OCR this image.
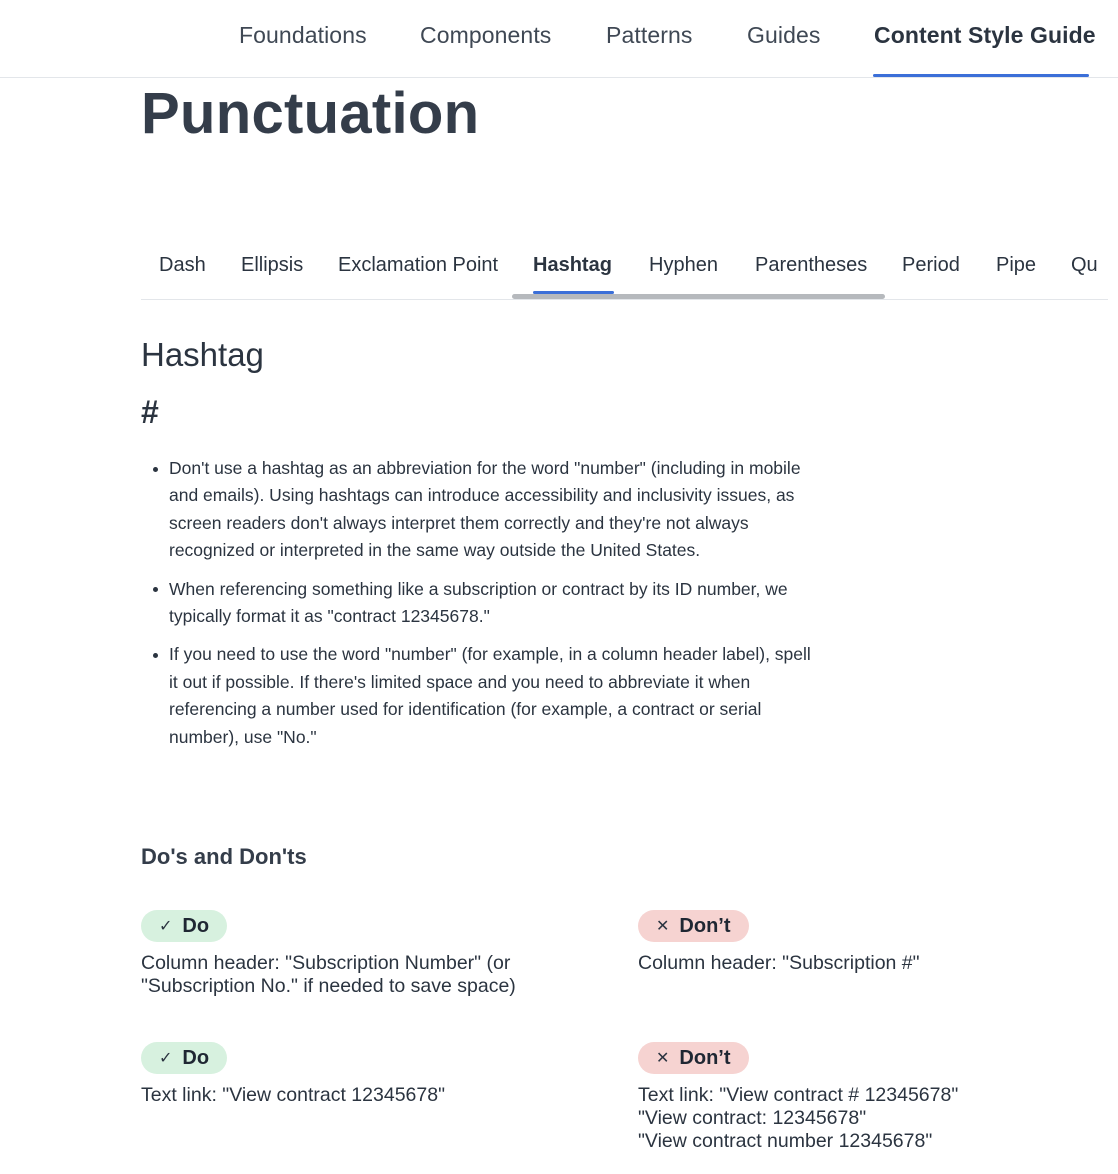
Foundations Components Patterns Guides Content Style Guide
Punctuation
Dash Ellipsis Exclamation Point Hashtag Hyphen Parentheses Period Pipe Qu
Hashtag
#
Don't use a hashtag as an abbreviation for the word "number" (including in mobile and emails). Using hashtags can introduce accessibility and inclusivity issues, as screen readers don't always interpret them correctly and they're not always recognized or interpreted in the same way outside the United States.
When referencing something like a subscription or contract by its ID number, we typically format it as "contract 12345678."
If you need to use the word "number" (for example, in a column header label), spell it out if possible. If there's limited space and you need to abbreviate it when referencing a number used for identification (for example, a contract or serial number), use "No."
Do's and Don'ts
✓ Do
Column header: "Subscription Number" (or
"Subscription No." if needed to save space)
✕ Don’t
Column header: "Subscription #"
✓ Do
Text link: "View contract 12345678"
✕ Don’t
Text link: "View contract # 12345678"
"View contract: 12345678"
"View contract number 12345678"
